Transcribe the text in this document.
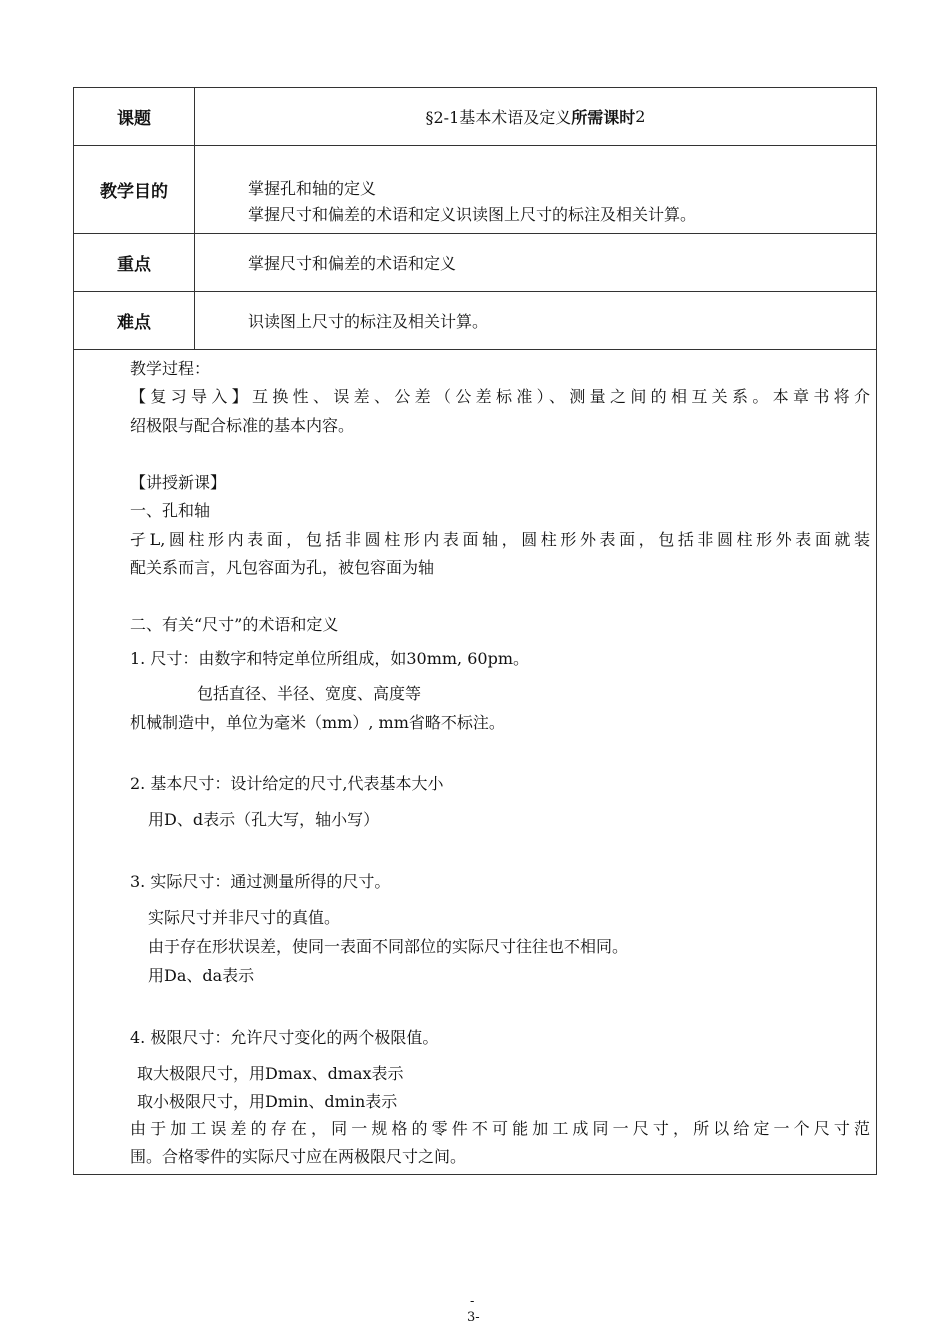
课题	§2-1基本术语及定义 所需课时 2
教学目的	掌握孔和轴的定义
掌握尺寸和偏差的术语和定义识读图上尺寸的标注及相关计算。
重点	掌握尺寸和偏差的术语和定义
难点	识读图上尺寸的标注及相关计算。
教学过程：
【复习导入】互换性、误差、公差（公差标准）、测量之间的相互关系。本章书将介
绍极限与配合标准的基本内容。
【讲授新课】
一、孔和轴
孑L,圆柱形内表面，包括非圆柱形内表面轴，圆柱形外表面，包括非圆柱形外表面就装
配关系而言，凡包容面为孔，被包容面为轴
二、有关“尺寸”的术语和定义
1. 尺寸：由数字和特定单位所组成，如30mm, 60pm。
包括直径、半径、宽度、高度等
机械制造中，单位为毫米（mm）, mm省略不标注。
2. 基本尺寸：设计给定的尺寸,代表基本大小
用D、d表示（孔大写，轴小写）
3. 实际尺寸：通过测量所得的尺寸。
实际尺寸并非尺寸的真值。
由于存在形状误差，使同一表面不同部位的实际尺寸往往也不相同。
用Da、da表示
4. 极限尺寸：允许尺寸变化的两个极限值。
取大极限尺寸，用Dmax、dmax表示
取小极限尺寸，用Dmin、dmin表示
由于加工误差的存在，同一规格的零件不可能加工成同一尺寸，所以给定一个尺寸范
围。合格零件的实际尺寸应在两极限尺寸之间。
-
3-
